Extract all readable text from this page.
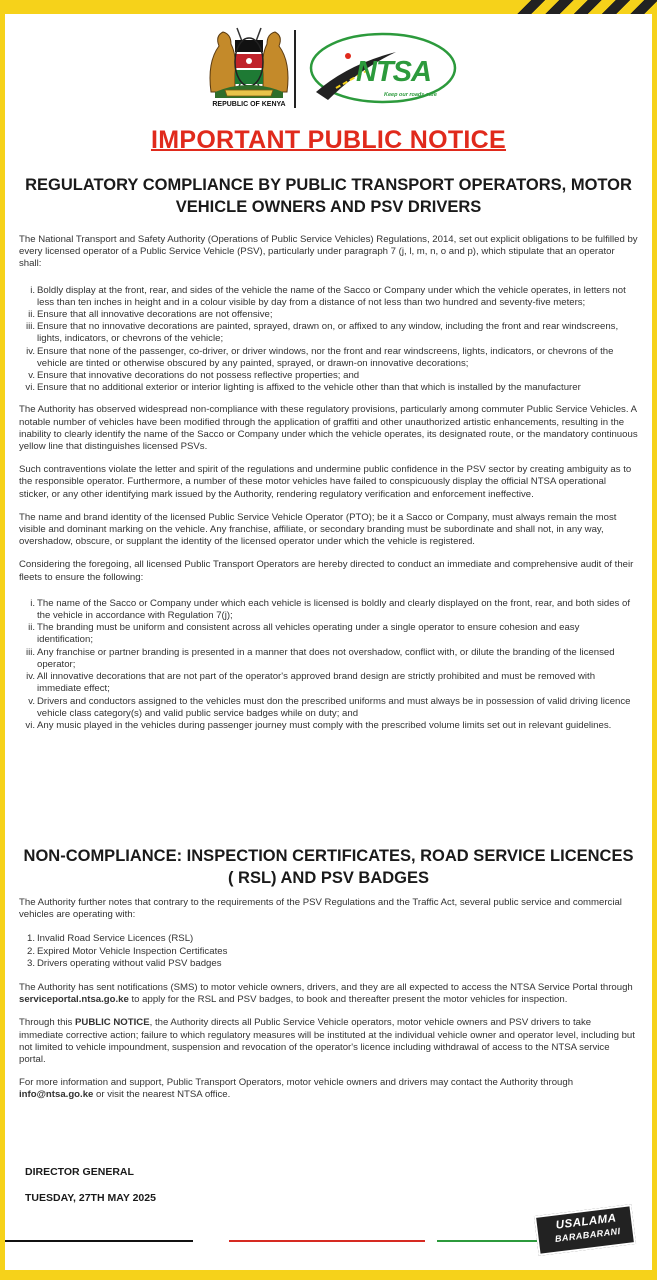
REPUBLIC OF KENYA
NTSA
Keep our roads safe
IMPORTANT PUBLIC NOTICE
REGULATORY COMPLIANCE BY PUBLIC TRANSPORT OPERATORS, MOTOR VEHICLE OWNERS AND PSV DRIVERS

The National Transport and Safety Authority (Operations of Public Service Vehicles) Regulations, 2014, set out explicit obligations to be fulfilled by every licensed operator of a Public Service Vehicle (PSV), particularly under paragraph 7 (j, l, m, n, o and p), which stipulate that an operator shall:

i. Boldly display at the front, rear, and sides of the vehicle the name of the Sacco or Company under which the vehicle operates, in letters not less than ten inches in height and in a colour visible by day from a distance of not less than two hundred and seventy-five meters;
ii. Ensure that all innovative decorations are not offensive;
iii. Ensure that no innovative decorations are painted, sprayed, drawn on, or affixed to any window, including the front and rear windscreens, lights, indicators, or chevrons of the vehicle;
iv. Ensure that none of the passenger, co-driver, or driver windows, nor the front and rear windscreens, lights, indicators, or chevrons of the vehicle are tinted or otherwise obscured by any painted, sprayed, or drawn-on innovative decorations;
v. Ensure that innovative decorations do not possess reflective properties; and
vi. Ensure that no additional exterior or interior lighting is affixed to the vehicle other than that which is installed by the manufacturer

The Authority has observed widespread non-compliance with these regulatory provisions, particularly among commuter Public Service Vehicles. A notable number of vehicles have been modified through the application of graffiti and other unauthorized artistic enhancements, resulting in the inability to clearly identify the name of the Sacco or Company under which the vehicle operates, its designated route, or the mandatory continuous yellow line that distinguishes licensed PSVs.

Such contraventions violate the letter and spirit of the regulations and undermine public confidence in the PSV sector by creating ambiguity as to the responsible operator. Furthermore, a number of these motor vehicles have failed to conspicuously display the official NTSA operational sticker, or any other identifying mark issued by the Authority, rendering regulatory verification and enforcement ineffective.

The name and brand identity of the licensed Public Service Vehicle Operator (PTO); be it a Sacco or Company, must always remain the most visible and dominant marking on the vehicle. Any franchise, affiliate, or secondary branding must be subordinate and shall not, in any way, overshadow, obscure, or supplant the identity of the licensed operator under which the vehicle is registered.

Considering the foregoing, all licensed Public Transport Operators are hereby directed to conduct an immediate and comprehensive audit of their fleets to ensure the following:

i. The name of the Sacco or Company under which each vehicle is licensed is boldly and clearly displayed on the front, rear, and both sides of the vehicle in accordance with Regulation 7(j);
ii. The branding must be uniform and consistent across all vehicles operating under a single operator to ensure cohesion and easy identification;
iii. Any franchise or partner branding is presented in a manner that does not overshadow, conflict with, or dilute the branding of the licensed operator;
iv. All innovative decorations that are not part of the operator's approved brand design are strictly prohibited and must be removed with immediate effect;
v. Drivers and conductors assigned to the vehicles must don the prescribed uniforms and must always be in possession of valid driving licence vehicle class category(s) and valid public service badges while on duty; and
vi. Any music played in the vehicles during passenger journey must comply with the prescribed volume limits set out in relevant guidelines.
NON-COMPLIANCE: INSPECTION CERTIFICATES, ROAD SERVICE LICENCES ( RSL) AND PSV BADGES

The Authority further notes that contrary to the requirements of the PSV Regulations and the Traffic Act, several public service and commercial vehicles are operating with:

1. Invalid Road Service Licences (RSL)
2. Expired Motor Vehicle Inspection Certificates
3. Drivers operating without valid PSV badges

The Authority has sent notifications (SMS) to motor vehicle owners, drivers, and they are all expected to access the NTSA Service Portal through serviceportal.ntsa.go.ke to apply for the RSL and PSV badges, to book and thereafter present the motor vehicles for inspection.

Through this PUBLIC NOTICE, the Authority directs all Public Service Vehicle operators, motor vehicle owners and PSV drivers to take immediate corrective action; failure to which regulatory measures will be instituted at the individual vehicle owner and operator level, including but not limited to vehicle impoundment, suspension and revocation of the operator's licence including withdrawal of access to the NTSA service portal.

For more information and support, Public Transport Operators, motor vehicle owners and drivers may contact the Authority through info@ntsa.go.ke or visit the nearest NTSA office.

DIRECTOR GENERAL
TUESDAY, 27TH MAY 2025
USALAMA
BARABARANI
